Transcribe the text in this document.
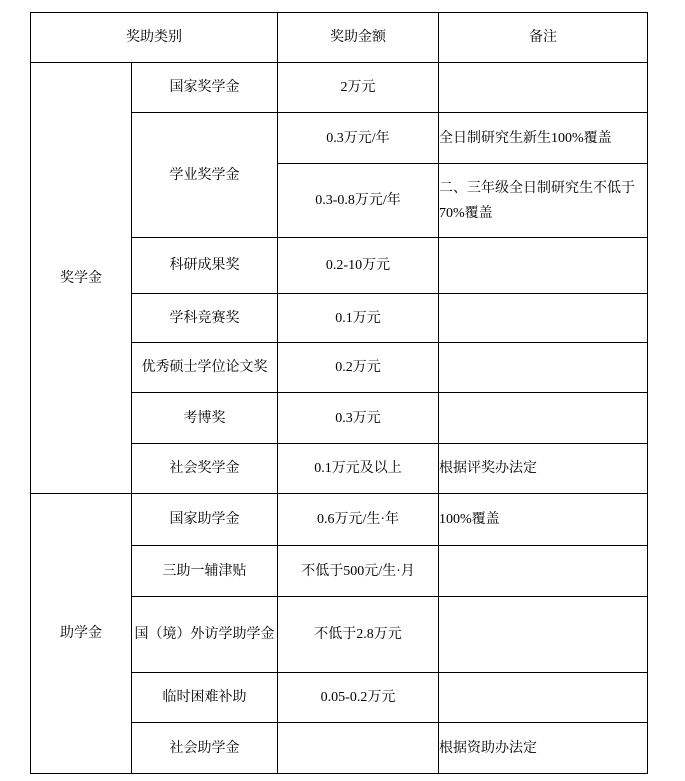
奖助类别		奖助金额	备注
奖学金	国家奖学金	2万元	
	学业奖学金	0.3万元/年	全日制研究生新生100%覆盖
		0.3-0.8万元/年	二、三年级全日制研究生不低于70%覆盖
	科研成果奖	0.2-10万元	
	学科竞赛奖	0.1万元	
	优秀硕士学位论文奖	0.2万元	
	考博奖	0.3万元	
	社会奖学金	0.1万元及以上	根据评奖办法定
助学金	国家助学金	0.6万元/生·年	100%覆盖
	三助一辅津贴	不低于500元/生·月	
	国（境）外访学助学金	不低于2.8万元	
	临时困难补助	0.05-0.2万元	
	社会助学金		根据资助办法定
